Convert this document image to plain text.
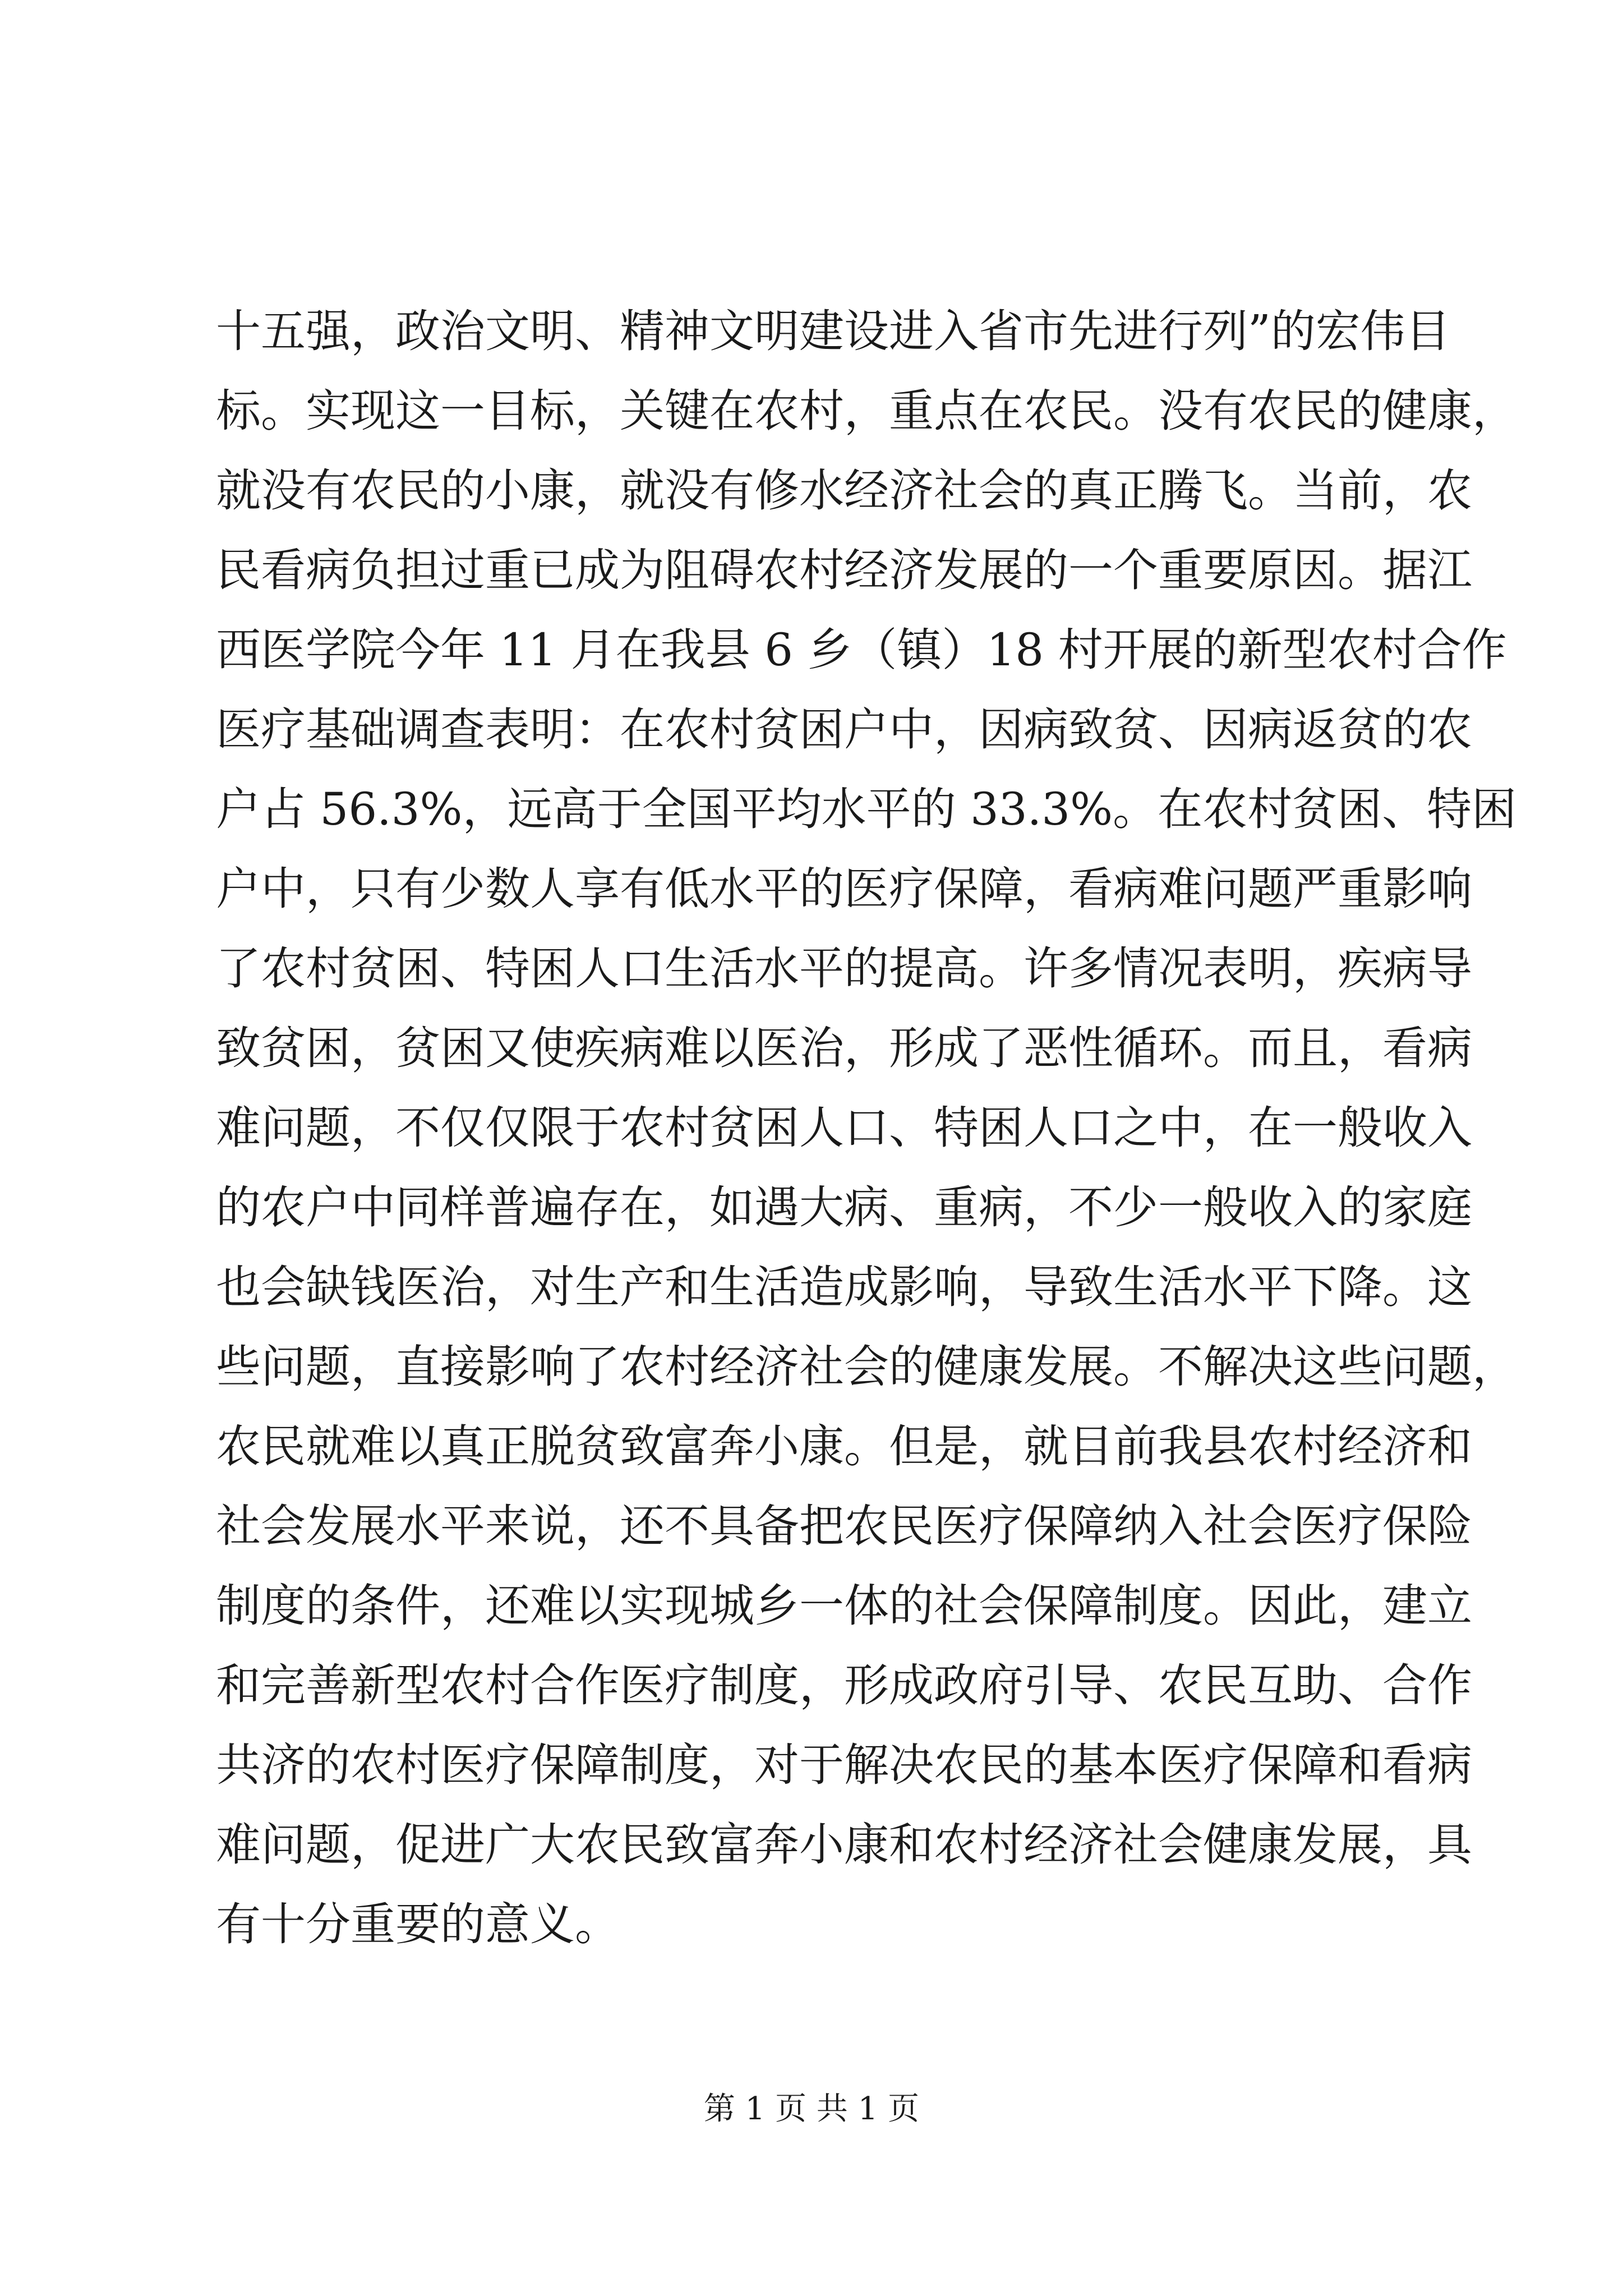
十五强，政治文明、精神文明建设进入省市先进行列”的宏伟目
标。实现这一目标，关键在农村，重点在农民。没有农民的健康，
就没有农民的小康，就没有修水经济社会的真正腾飞。当前，农
民看病负担过重已成为阻碍农村经济发展的一个重要原因。据江
西医学院今年 11 月在我县 6 乡（镇）18 村开展的新型农村合作
医疗基础调查表明：在农村贫困户中，因病致贫、因病返贫的农
户占 56.3%，远高于全国平均水平的 33.3%。在农村贫困、特困
户中，只有少数人享有低水平的医疗保障，看病难问题严重影响
了农村贫困、特困人口生活水平的提高。许多情况表明，疾病导
致贫困，贫困又使疾病难以医治，形成了恶性循环。而且，看病
难问题，不仅仅限于农村贫困人口、特困人口之中，在一般收入
的农户中同样普遍存在，如遇大病、重病，不少一般收入的家庭
也会缺钱医治，对生产和生活造成影响，导致生活水平下降。这
些问题，直接影响了农村经济社会的健康发展。不解决这些问题，
农民就难以真正脱贫致富奔小康。但是，就目前我县农村经济和
社会发展水平来说，还不具备把农民医疗保障纳入社会医疗保险
制度的条件，还难以实现城乡一体的社会保障制度。因此，建立
和完善新型农村合作医疗制度，形成政府引导、农民互助、合作
共济的农村医疗保障制度，对于解决农民的基本医疗保障和看病
难问题，促进广大农民致富奔小康和农村经济社会健康发展，具
有十分重要的意义。
第 1 页 共 1 页
